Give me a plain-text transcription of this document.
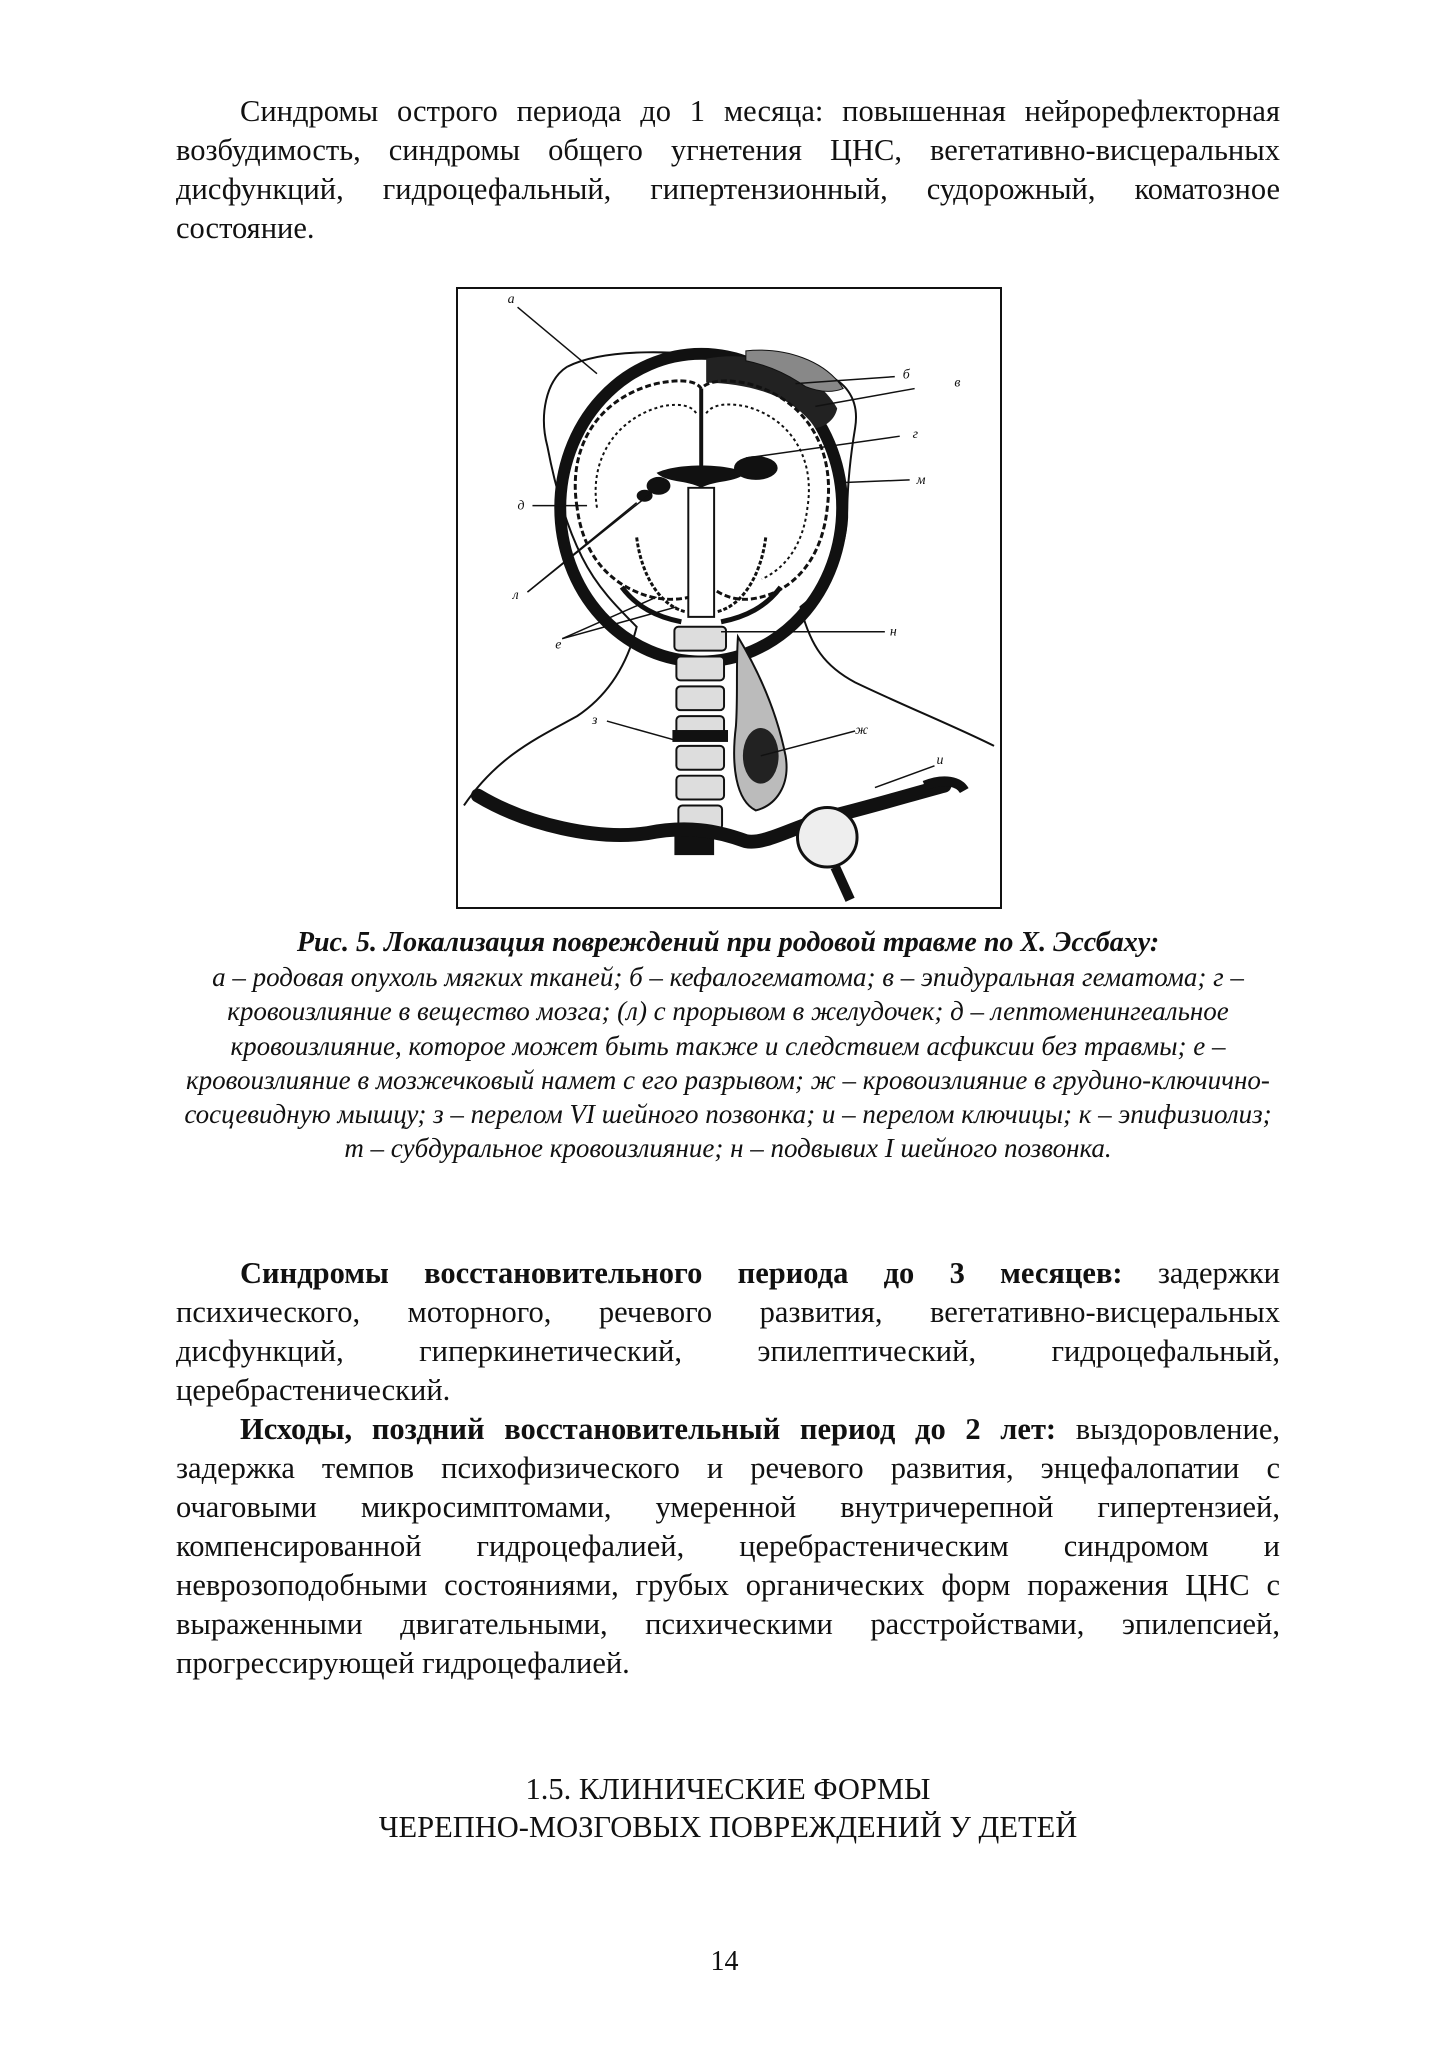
Синдромы острого периода до 1 месяца: повышенная нейрорефлекторная возбудимость, синдромы общего угнетения ЦНС, вегетативно-висцеральных дисфункций, гидроцефальный, гипертензионный, судорожный, коматозное состояние.

а
б
в
г
м
д
л
н
е
з
ж
и

Рис. 5. Локализация повреждений при родовой травме по Х. Эссбаху:
а – родовая опухоль мягких тканей; б – кефалогематома; в – эпидуральная гематома; г – кровоизлияние в вещество мозга; (л) с прорывом в желудочек; д – лептоменингеальное кровоизлияние, которое может быть также и следствием асфиксии без травмы; е – кровоизлияние в мозжечковый намет с его разрывом; ж – кровоизлияние в грудино-ключично-сосцевидную мышцу; з – перелом VI шейного позвонка; и – перелом ключицы; к – эпифизиолиз; т – субдуральное кровоизлияние; н – подвывих I шейного позвонка.

Синдромы восстановительного периода до 3 месяцев: задержки психического, моторного, речевого развития, вегетативно-висцеральных дисфункций, гиперкинетический, эпилептический, гидроцефальный, церебрастенический.

Исходы, поздний восстановительный период до 2 лет: выздоровление, задержка темпов психофизического и речевого развития, энцефалопатии с очаговыми микросимптомами, умеренной внутричерепной гипертензией, компенсированной гидроцефалией, церебрастеническим синдромом и неврозоподобными состояниями, грубых органических форм поражения ЦНС с выраженными двигательными, психическими расстройствами, эпилепсией, прогрессирующей гидроцефалией.

1.5. КЛИНИЧЕСКИЕ ФОРМЫ
ЧЕРЕПНО-МОЗГОВЫХ ПОВРЕЖДЕНИЙ У ДЕТЕЙ

14
